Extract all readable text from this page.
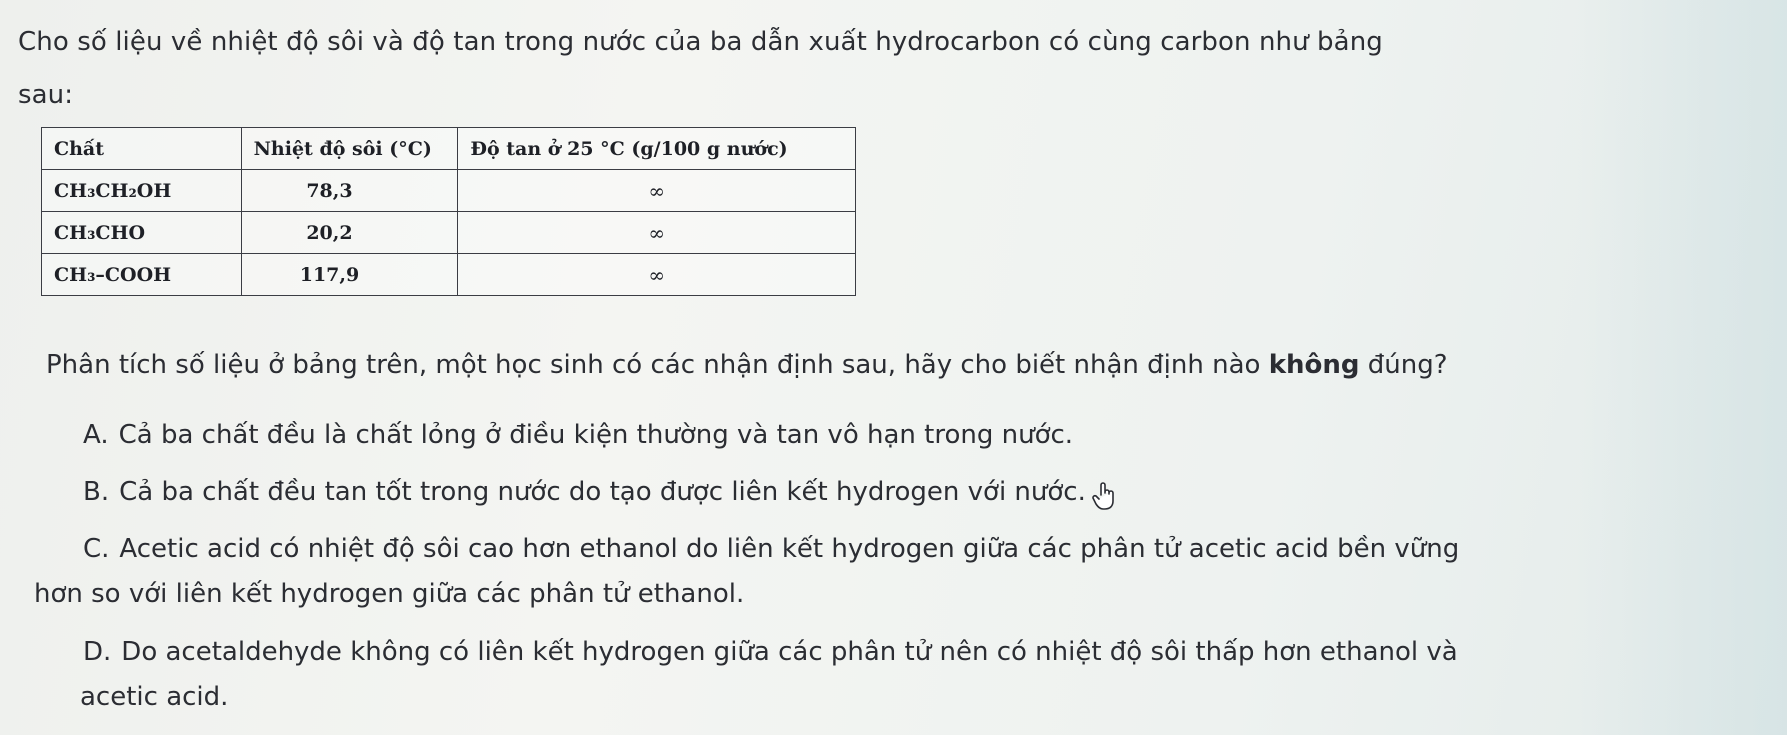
Cho số liệu về nhiệt độ sôi và độ tan trong nước của ba dẫn xuất hydrocarbon có cùng carbon như bảng
sau:

Chất	Nhiệt độ sôi (°C)	Độ tan ở 25 °C (g/100 g nước)
CH₃CH₂OH	78,3	∞
CH₃CHO	20,2	∞
CH₃–COOH	117,9	∞

Phân tích số liệu ở bảng trên, một học sinh có các nhận định sau, hãy cho biết nhận định nào không đúng?

A. Cả ba chất đều là chất lỏng ở điều kiện thường và tan vô hạn trong nước.
B. Cả ba chất đều tan tốt trong nước do tạo được liên kết hydrogen với nước.
C. Acetic acid có nhiệt độ sôi cao hơn ethanol do liên kết hydrogen giữa các phân tử acetic acid bền vững
hơn so với liên kết hydrogen giữa các phân tử ethanol.
D. Do acetaldehyde không có liên kết hydrogen giữa các phân tử nên có nhiệt độ sôi thấp hơn ethanol và
acetic acid.
